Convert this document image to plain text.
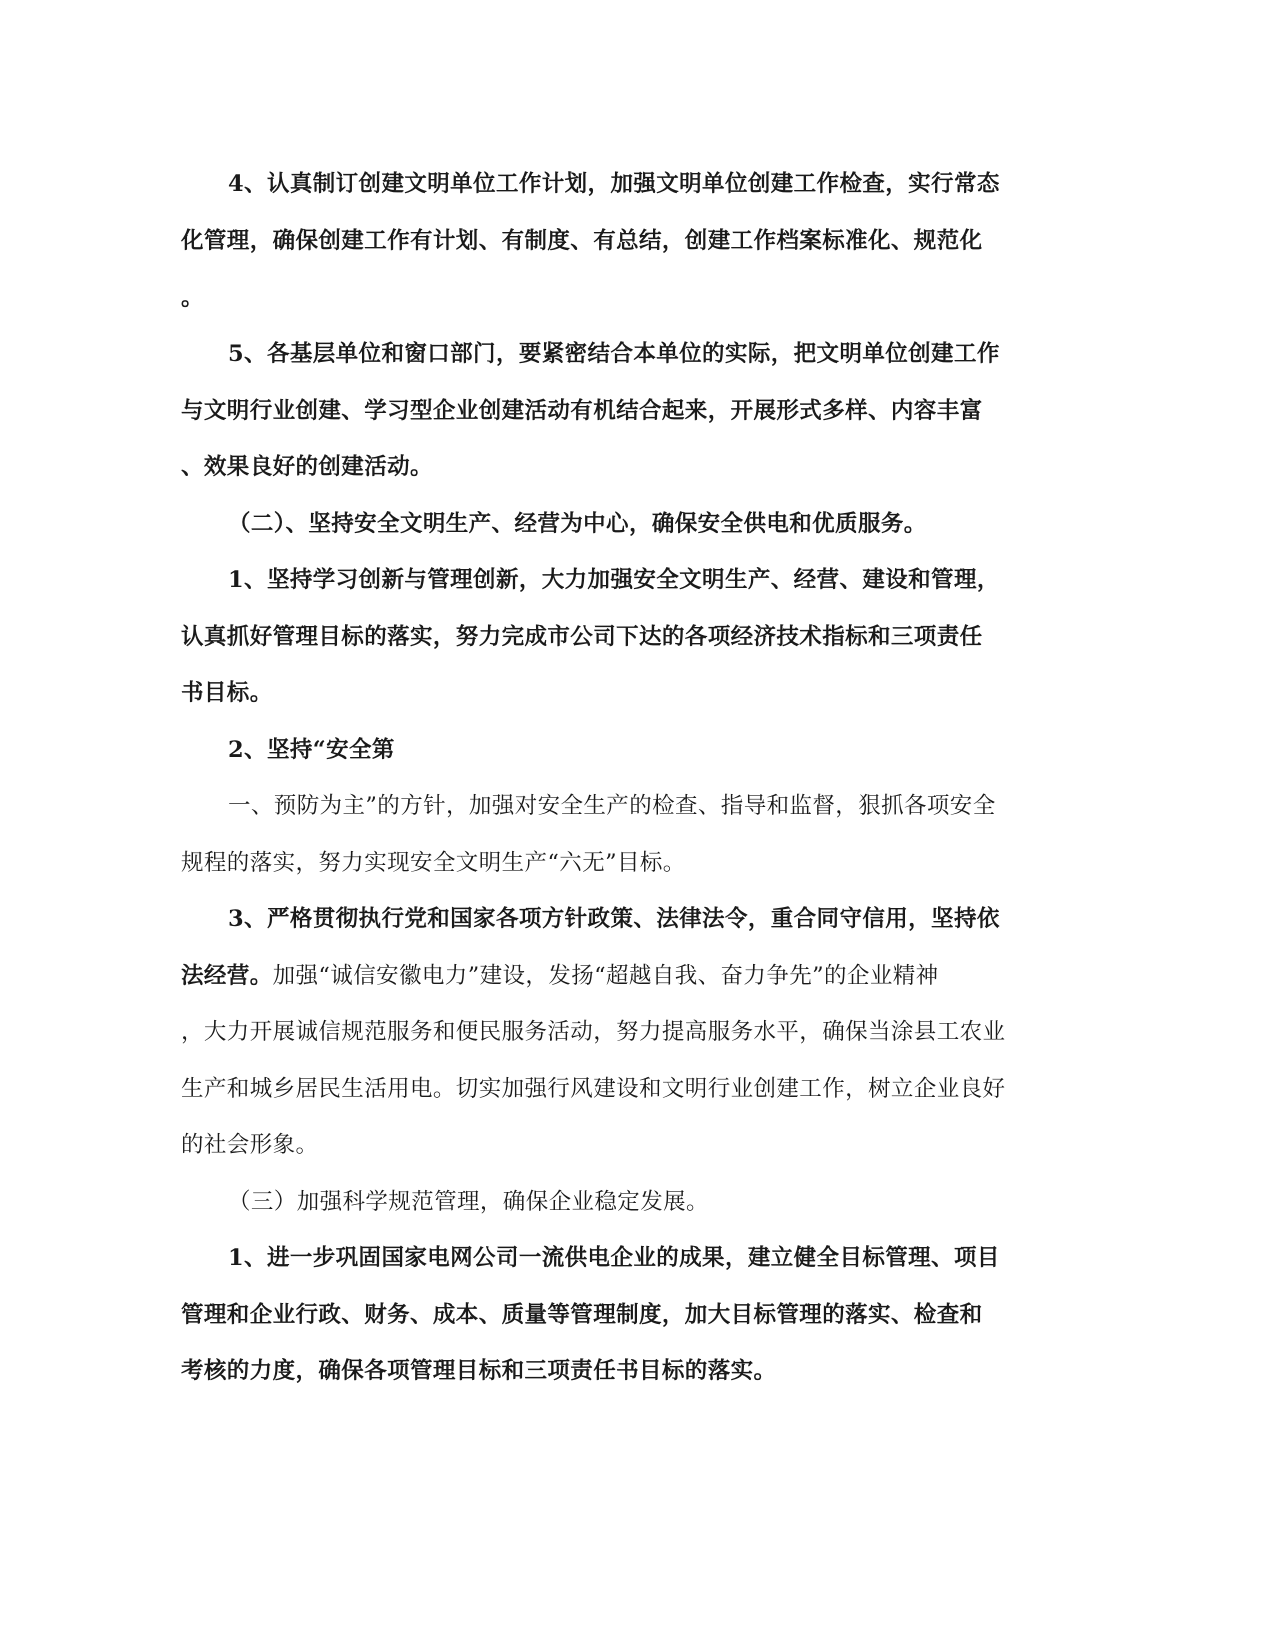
4、认真制订创建文明单位工作计划，加强文明单位创建工作检查，实行常态
化管理，确保创建工作有计划、有制度、有总结，创建工作档案标准化、规范化
。
5、各基层单位和窗口部门，要紧密结合本单位的实际，把文明单位创建工作
与文明行业创建、学习型企业创建活动有机结合起来，开展形式多样、内容丰富
、效果良好的创建活动。
（二）、坚持安全文明生产、经营为中心，确保安全供电和优质服务。
1、坚持学习创新与管理创新，大力加强安全文明生产、经营、建设和管理，
认真抓好管理目标的落实，努力完成市公司下达的各项经济技术指标和三项责任
书目标。
2、坚持“安全第
一、预防为主”的方针，加强对安全生产的检查、指导和监督，狠抓各项安全
规程的落实，努力实现安全文明生产“六无”目标。
3、严格贯彻执行党和国家各项方针政策、法律法令，重合同守信用，坚持依
法经营。加强“诚信安徽电力”建设，发扬“超越自我、奋力争先”的企业精神
，大力开展诚信规范服务和便民服务活动，努力提高服务水平，确保当涂县工农业
生产和城乡居民生活用电。切实加强行风建设和文明行业创建工作，树立企业良好
的社会形象。
（三）加强科学规范管理，确保企业稳定发展。
1、进一步巩固国家电网公司一流供电企业的成果，建立健全目标管理、项目
管理和企业行政、财务、成本、质量等管理制度，加大目标管理的落实、检查和
考核的力度，确保各项管理目标和三项责任书目标的落实。
